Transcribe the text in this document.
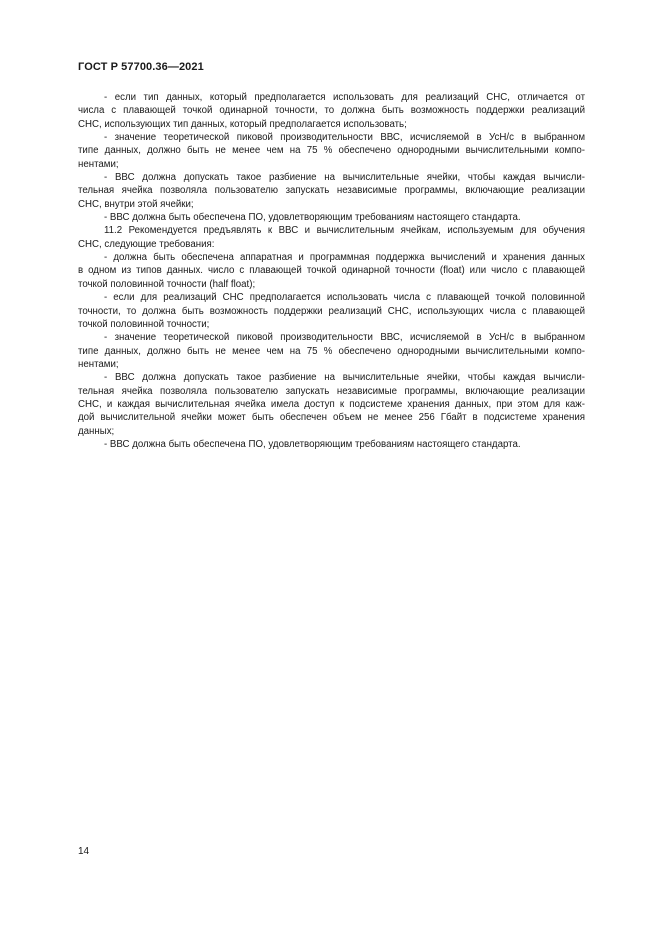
ГОСТ Р 57700.36—2021
- если тип данных, который предполагается использовать для реализаций СНС, отличается от
числа с плавающей точкой одинарной точности, то должна быть возможность поддержки реализаций
СНС, использующих тип данных, который предполагается использовать;
- значение теоретической пиковой производительности ВВС, исчисляемой в УсН/с в выбранном
типе данных, должно быть не менее чем на 75 % обеспечено однородными вычислительными компо-
нентами;
- ВВС должна допускать такое разбиение на вычислительные ячейки, чтобы каждая вычисли-
тельная ячейка позволяла пользователю запускать независимые программы, включающие реализации
СНС, внутри этой ячейки;
- ВВС должна быть обеспечена ПО, удовлетворяющим требованиям настоящего стандарта.
11.2 Рекомендуется предъявлять к ВВС и вычислительным ячейкам, используемым для обучения
СНС, следующие требования:
- должна быть обеспечена аппаратная и программная поддержка вычислений и хранения данных
в одном из типов данных. число с плавающей точкой одинарной точности (float) или число с плавающей
точкой половинной точности (half float);
- если для реализаций СНС предполагается использовать числа с плавающей точкой половинной
точности, то должна быть возможность поддержки реализаций СНС, использующих числа с плавающей
точкой половинной точности;
- значение теоретической пиковой производительности ВВС, исчисляемой в УсН/с в выбранном
типе данных, должно быть не менее чем на 75 % обеспечено однородными вычислительными компо-
нентами;
- ВВС должна допускать такое разбиение на вычислительные ячейки, чтобы каждая вычисли-
тельная ячейка позволяла пользователю запускать независимые программы, включающие реализации
СНС, и каждая вычислительная ячейка имела доступ к подсистеме хранения данных, при этом для каж-
дой вычислительной ячейки может быть обеспечен объем не менее 256 Гбайт в подсистеме хранения
данных;
- ВВС должна быть обеспечена ПО, удовлетворяющим требованиям настоящего стандарта.
14
